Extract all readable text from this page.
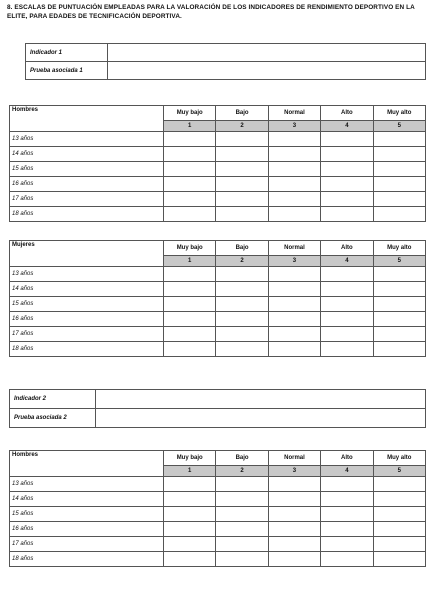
8. ESCALAS DE PUNTUACIÓN EMPLEADAS PARA LA VALORACIÓN DE LOS INDICADORES DE RENDIMIENTO DEPORTIVO EN LA ELITE, PARA EDADES DE TECNIFICACIÓN DEPORTIVA.

Indicador 1	
Prueba asociada 1	
Hombres	Muy bajo	Bajo	Normal	Alto	Muy alto
	1	2	3	4	5
13 años					
14 años					
15 años					
16 años					
17 años					
18 años					
Mujeres	Muy bajo	Bajo	Normal	Alto	Muy alto
	1	2	3	4	5
13 años					
14 años					
15 años					
16 años					
17 años					
18 años					
Indicador 2	
Prueba asociada 2	
Hombres	Muy bajo	Bajo	Normal	Alto	Muy alto
	1	2	3	4	5
13 años					
14 años					
15 años					
16 años					
17 años					
18 años					
